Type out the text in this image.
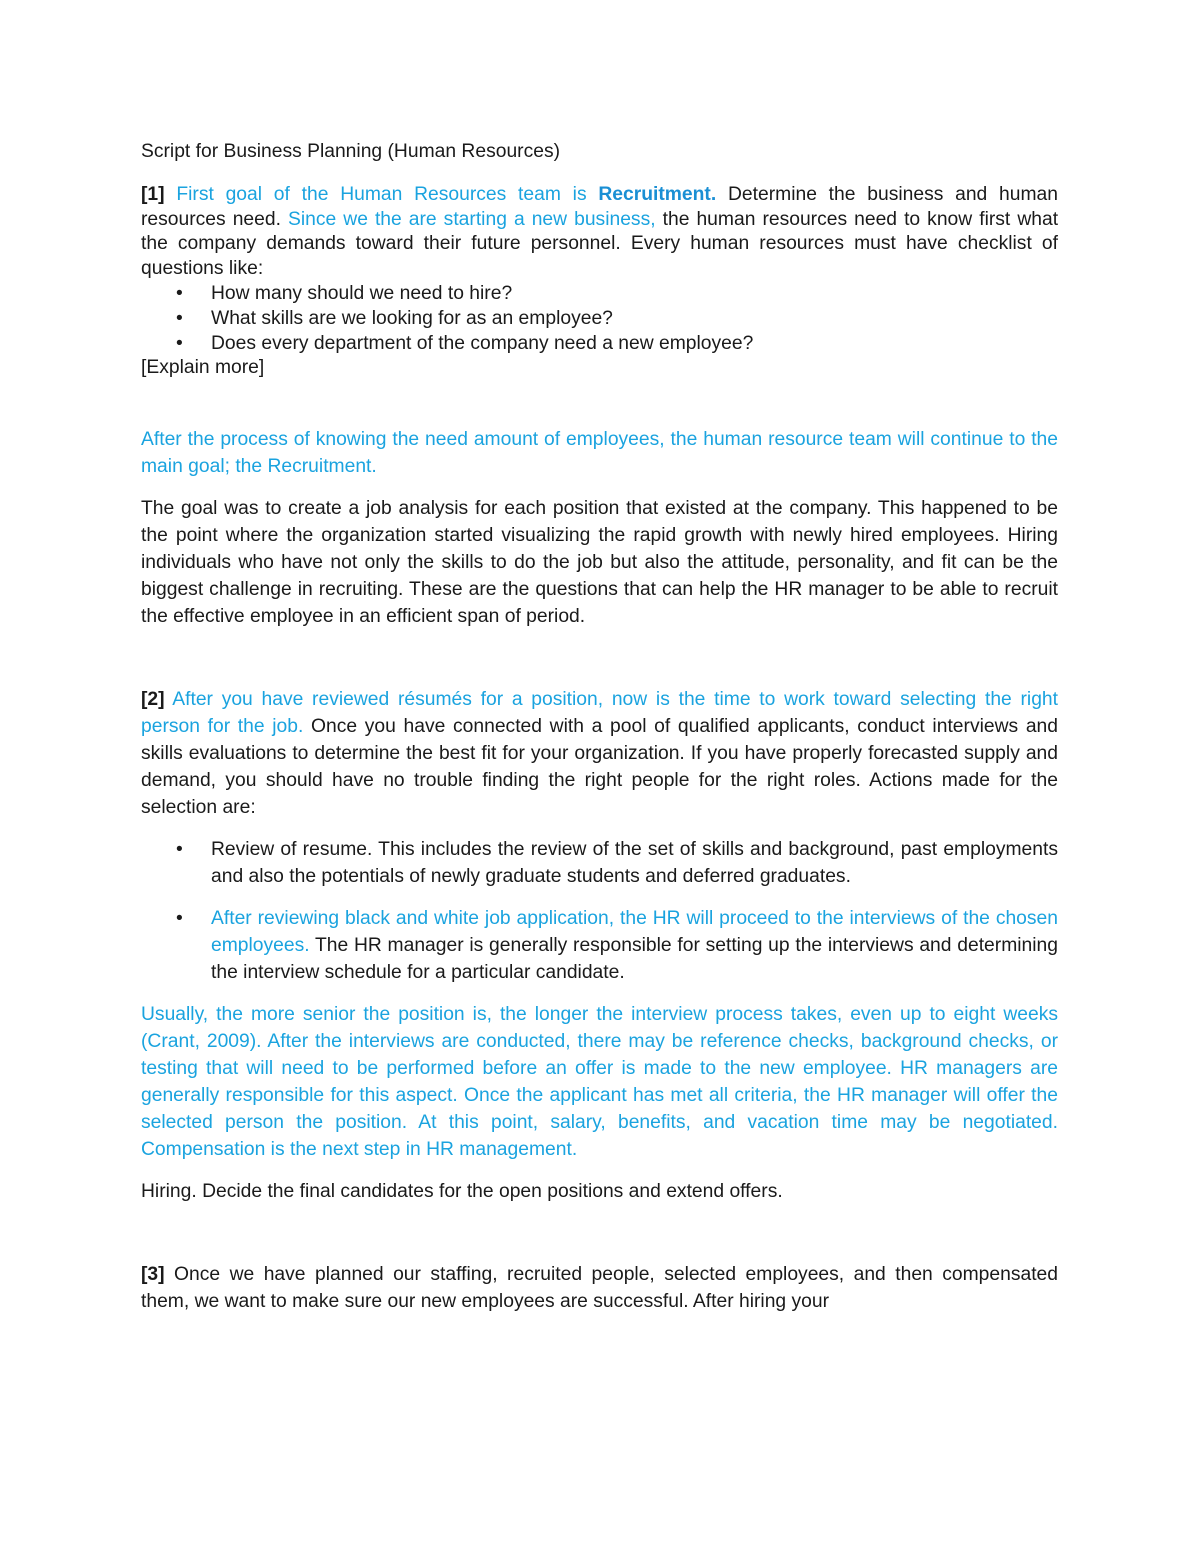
Script for Business Planning (Human Resources)

[1] First goal of the Human Resources team is Recruitment. Determine the business and human resources need. Since we the are starting a new business, the human resources need to know first what the company demands toward their future personnel. Every human resources must have checklist of questions like:

• How many should we need to hire?
• What skills are we looking for as an employee?
• Does every department of the company need a new employee?

[Explain more]

After the process of knowing the need amount of employees, the human resource team will continue to the main goal; the Recruitment.

The goal was to create a job analysis for each position that existed at the company. This happened to be the point where the organization started visualizing the rapid growth with newly hired employees. Hiring individuals who have not only the skills to do the job but also the attitude, personality, and fit can be the biggest challenge in recruiting. These are the questions that can help the HR manager to be able to recruit the effective employee in an efficient span of period.

[2] After you have reviewed résumés for a position, now is the time to work toward selecting the right person for the job. Once you have connected with a pool of qualified applicants, conduct interviews and skills evaluations to determine the best fit for your organization. If you have properly forecasted supply and demand, you should have no trouble finding the right people for the right roles. Actions made for the selection are:

• Review of resume. This includes the review of the set of skills and background, past employments and also the potentials of newly graduate students and deferred graduates.
• After reviewing black and white job application, the HR will proceed to the interviews of the chosen employees. The HR manager is generally responsible for setting up the interviews and determining the interview schedule for a particular candidate.

Usually, the more senior the position is, the longer the interview process takes, even up to eight weeks (Crant, 2009). After the interviews are conducted, there may be reference checks, background checks, or testing that will need to be performed before an offer is made to the new employee. HR managers are generally responsible for this aspect. Once the applicant has met all criteria, the HR manager will offer the selected person the position. At this point, salary, benefits, and vacation time may be negotiated. Compensation is the next step in HR management.

Hiring. Decide the final candidates for the open positions and extend offers.

[3] Once we have planned our staffing, recruited people, selected employees, and then compensated them, we want to make sure our new employees are successful. After hiring your
